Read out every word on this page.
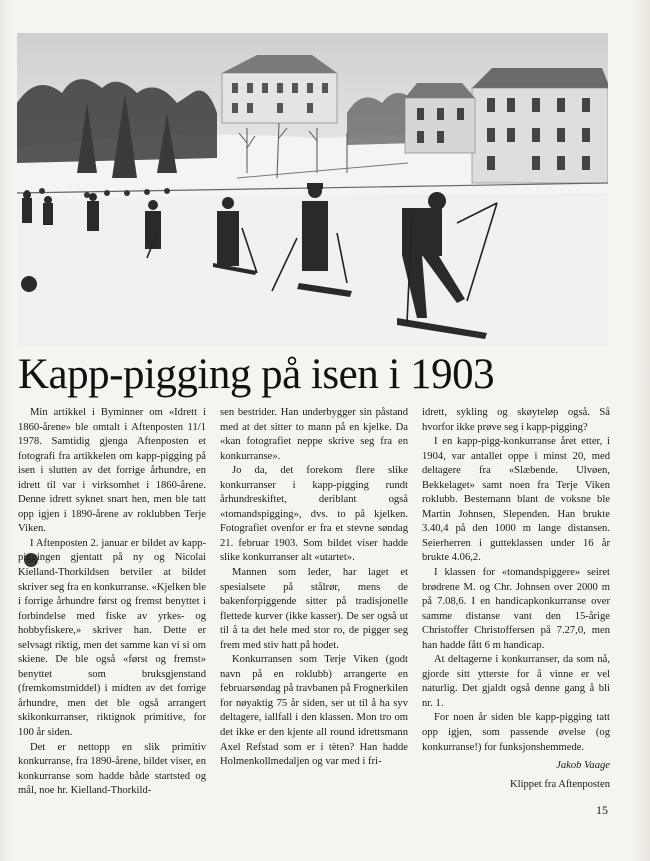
Kapp-pigging på isen i 1903

Min artikkel i Byminner om «Idrett i 1860-årene» ble omtalt i Aftenposten 11/1 1978. Samtidig gjenga Aftenposten et fotografi fra artikkelen om kapp-pigging på isen i slutten av det forrige århundre, en idrett til var i virksomhet i 1860-årene. Denne idrett syknet snart hen, men ble tatt opp igjen i 1890-årene av roklubben Terje Viken.

I Aftenposten 2. januar er bildet av kapp-piggingen gjentatt på ny og Nicolai Kielland-Thorkildsen betviler at bildet skriver seg fra en konkurranse. «Kjelken ble i forrige århundre først og fremst benyttet i forbindelse med fiske av yrkes- og hobbyfiskere,» skriver han. Dette er selvsagt riktig, men det samme kan vi si om skiene. De ble også «først og fremst» benyttet som bruksgjenstand (fremkomstmiddel) i midten av det forrige århundre, men det ble også arrangert skikonkurranser, riktignok primitive, for 100 år siden.

Det er nettopp en slik primitiv konkurranse, fra 1890-årene, bildet viser, en konkurranse som hadde både startsted og mål, noe hr. Kielland-Thorkild-

sen bestrider. Han underbygger sin påstand med at det sitter to mann på en kjelke. Da «kan fotografiet neppe skrive seg fra en konkurranse».

Jo da, det forekom flere slike konkurranser i kapp-pigging rundt århundreskiftet, deriblant også «tomandspigging», dvs. to på kjelken. Fotografiet ovenfor er fra et stevne søndag 21. februar 1903. Som bildet viser hadde slike konkurranser alt «utartet».

Mannen som leder, har laget et spesialsete på stålrør, mens de bakenforpiggende sitter på tradisjonelle flettede kurver (ikke kasser). De ser også ut til å ta det hele med stor ro, de pigger seg frem med stiv hatt på hodet.

Konkurransen som Terje Viken (godt navn på en roklubb) arrangerte en februarsøndag på travbanen på Frognerkilen for nøyaktig 75 år siden, ser ut til å ha syv deltagere, iallfall i den klassen. Mon tro om det ikke er den kjente all round idrettsmann Axel Refstad som er i tèten? Han hadde Holmenkollmedaljen og var med i fri-

idrett, sykling og skøyteløp også. Så hvorfor ikke prøve seg i kapp-pigging?

I en kapp-pigg-konkurranse året etter, i 1904, var antallet oppe i minst 20, med deltagere fra «Slæbende. Ulvøen, Bekkelaget» samt noen fra Terje Viken roklubb. Bestemann blant de voksne ble Martin Johnsen, Slependen. Han brukte 3.40,4 på den 1000 m lange distansen. Seierherren i gutteklassen under 16 år brukte 4.06,2.

I klassen for «tomandspiggere» seiret brødrene M. og Chr. Johnsen over 2000 m på 7.08,6. I en handicapkonkurranse over samme distanse vant den 15-årige Christoffer Christoffersen på 7.27,0, men han hadde fått 6 m handicap.

At deltagerne i konkurranser, da som nå, gjorde sitt ytterste for å vinne er vel naturlig. Det gjaldt også denne gang å bli nr. 1.

For noen år siden ble kapp-pigging tatt opp igjen, som passende øvelse (og konkurranse!) for funksjonshemmede.

Jakob Vaage

Klippet fra Aftenposten

15
